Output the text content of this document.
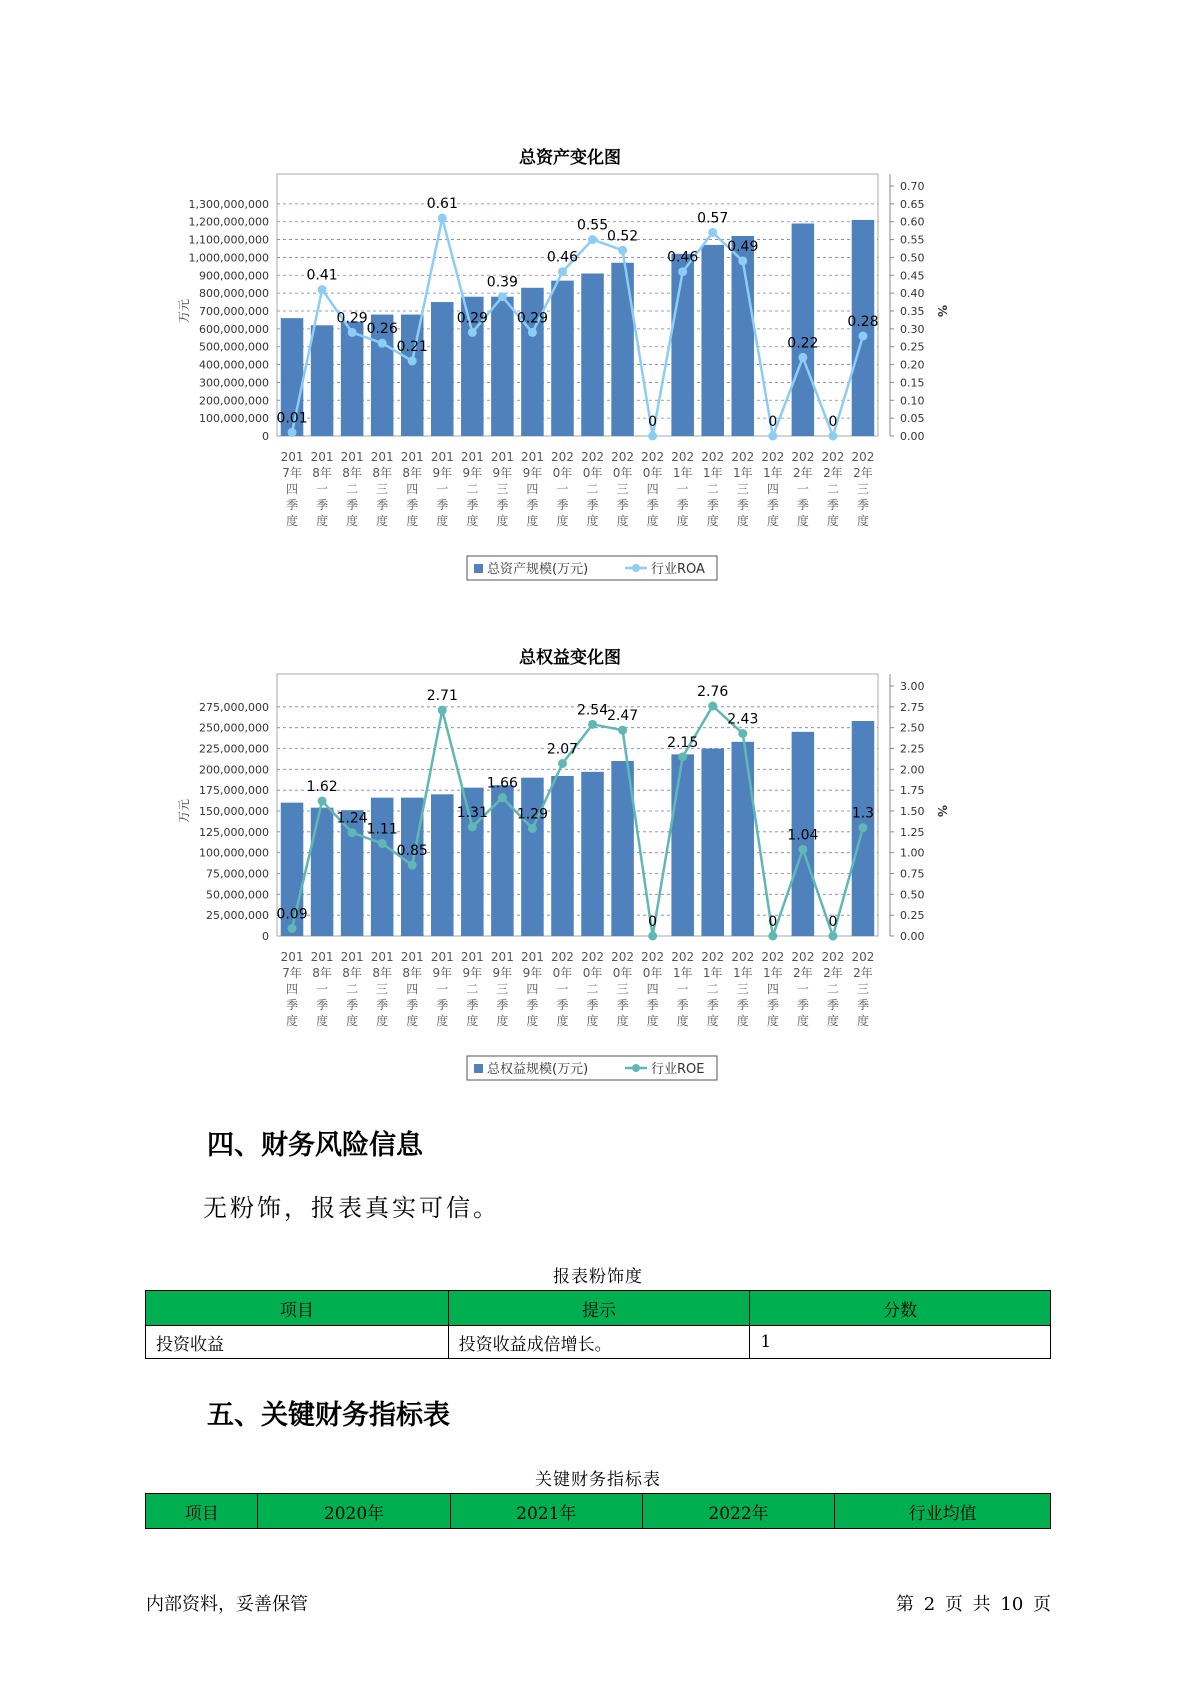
总资产变化图
0
100,000,000
200,000,000
300,000,000
400,000,000
500,000,000
600,000,000
700,000,000
800,000,000
900,000,000
1,000,000,000
1,100,000,000
1,200,000,000
1,300,000,000
0.00
0.05
0.10
0.15
0.20
0.25
0.30
0.35
0.40
0.45
0.50
0.55
0.60
0.65
0.70
万元	%
0.01
0.41
0.29
0.26
0.21
0.61
0.29
0.39
0.29
0.46
0.55
0.52
0
0.46
0.57
0.49
0
0.22
0
0.28
201 7年四季度
201 8年一季度
201 8年二季度
201 8年三季度
201 8年四季度
201 9年一季度
201 9年二季度
201 9年三季度
201 9年四季度
202 0年一季度
202 0年二季度
202 0年三季度
202 0年四季度
202 1年一季度
202 1年二季度
202 1年三季度
202 1年四季度
202 2年一季度
202 2年二季度
202 2年三季度
总资产规模(万元)	行业ROA
总权益变化图
0
25,000,000
50,000,000
75,000,000
100,000,000
125,000,000
150,000,000
175,000,000
200,000,000
225,000,000
250,000,000
275,000,000
0.00
0.25
0.50
0.75
1.00
1.25
1.50
1.75
2.00
2.25
2.50
2.75
3.00
万元	%
0.09
1.62
1.24
1.11
0.85
2.71
1.31
1.66
1.29
2.07
2.54
2.47
0
2.15
2.76
2.43
0
1.04
0
1.3
201 7年四季度
201 8年一季度
201 8年二季度
201 8年三季度
201 8年四季度
201 9年一季度
201 9年二季度
201 9年三季度
201 9年四季度
202 0年一季度
202 0年二季度
202 0年三季度
202 0年四季度
202 1年一季度
202 1年二季度
202 1年三季度
202 1年四季度
202 2年一季度
202 2年二季度
202 2年三季度
总权益规模(万元)	行业ROE
四、财务风险信息

无粉饰，报表真实可信。

报表粉饰度
项目	提示	分数
投资收益	投资收益成倍增长。	1
五、关键财务指标表
关键财务指标表
项目	2020年	2021年	2022年	行业均值
内部资料，妥善保管	第 2 页 共 10 页
